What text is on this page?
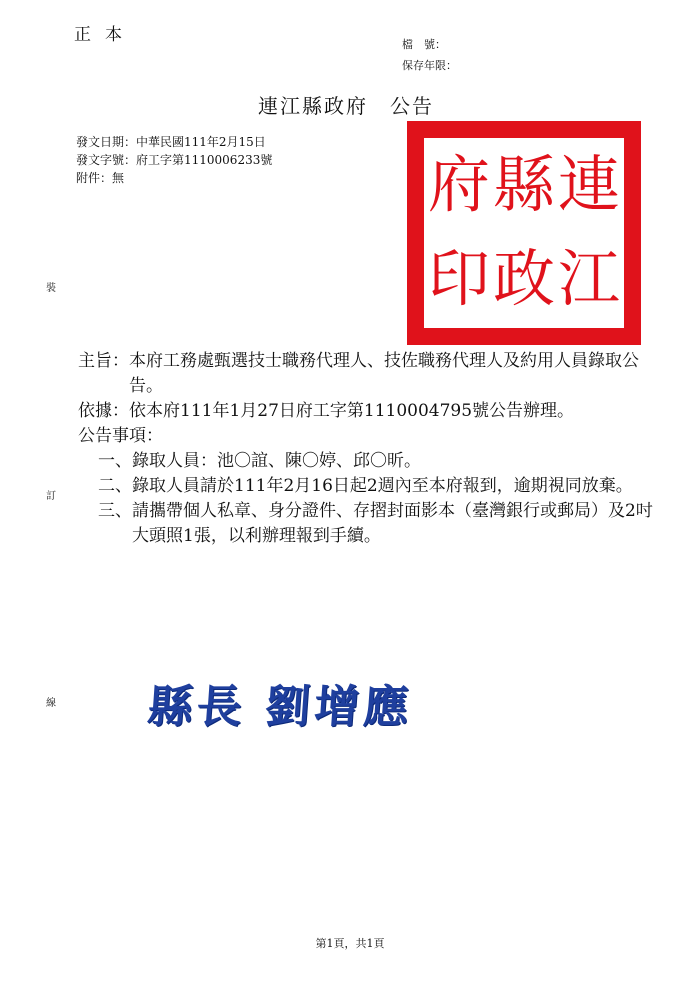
正本	檔　號：
保存年限：
連江縣政府　公告
發文日期：中華民國111年2月15日
發文字號：府工字第1110006233號
附件：無
裝
訂
線
連
江
縣
政
府
印
主旨： 本府工務處甄選技士職務代理人、技佐職務代理人及約用人員錄取公告。
依據： 依本府111年1月27日府工字第1110004795號公告辦理。
公告事項：
一、 錄取人員：池〇誼、陳〇婷、邱〇昕。
二、 錄取人員請於111年2月16日起2週內至本府報到，逾期視同放棄。
三、 請攜帶個人私章、身分證件、存摺封面影本（臺灣銀行或郵局）及2吋大頭照1張，以利辦理報到手續。
縣長 劉增應
第1頁，共1頁
